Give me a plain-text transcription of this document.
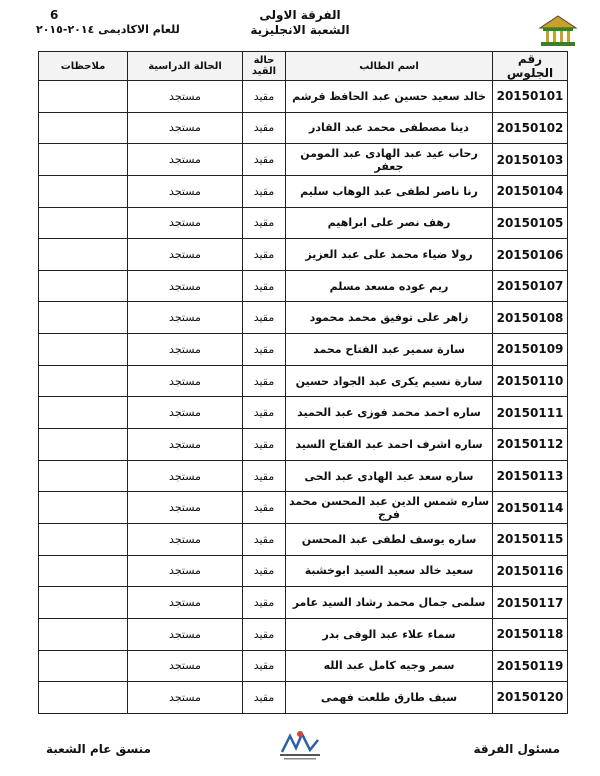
الفرقة الاولى
الشعبة الانجليزية
6
للعام الاكاديمى ٢٠١٤-٢٠١٥
رقم الجلوس	اسم الطالب	حالة القيد	الحالة الدراسية	ملاحظات
20150101	خالد سعيد حسين عبد الحافظ قرشم	مقيد	مستجد	
20150102	دينا مصطفى محمد عبد القادر	مقيد	مستجد	
20150103	رحاب عيد عبد الهادى عبد المومن جعفر	مقيد	مستجد	
20150104	رنا ناصر لطفى عبد الوهاب سليم	مقيد	مستجد	
20150105	رهف نصر على ابراهيم	مقيد	مستجد	
20150106	رولا ضياء محمد على عبد العزيز	مقيد	مستجد	
20150107	ريم عوده مسعد مسلم	مقيد	مستجد	
20150108	زاهر على توفيق محمد محمود	مقيد	مستجد	
20150109	سارة سمير عبد الفتاح محمد	مقيد	مستجد	
20150110	سارة نسيم يكرى عبد الجواد حسين	مقيد	مستجد	
20150111	ساره احمد محمد فوزى عبد الحميد	مقيد	مستجد	
20150112	ساره اشرف احمد عبد الفتاح السيد	مقيد	مستجد	
20150113	ساره سعد عبد الهادى عبد الحى	مقيد	مستجد	
20150114	ساره شمس الدين عبد المحسن محمد فرج	مقيد	مستجد	
20150115	ساره يوسف لطفى عبد المحسن	مقيد	مستجد	
20150116	سعيد خالد سعيد السيد ابوخشبة	مقيد	مستجد	
20150117	سلمى جمال محمد رشاد السيد عامر	مقيد	مستجد	
20150118	سماء علاء عبد الوفى بدر	مقيد	مستجد	
20150119	سمر وجيه كامل عبد الله	مقيد	مستجد	
20150120	سيف طارق طلعت فهمى	مقيد	مستجد	
مسئول الفرقة
منسق عام الشعبة
